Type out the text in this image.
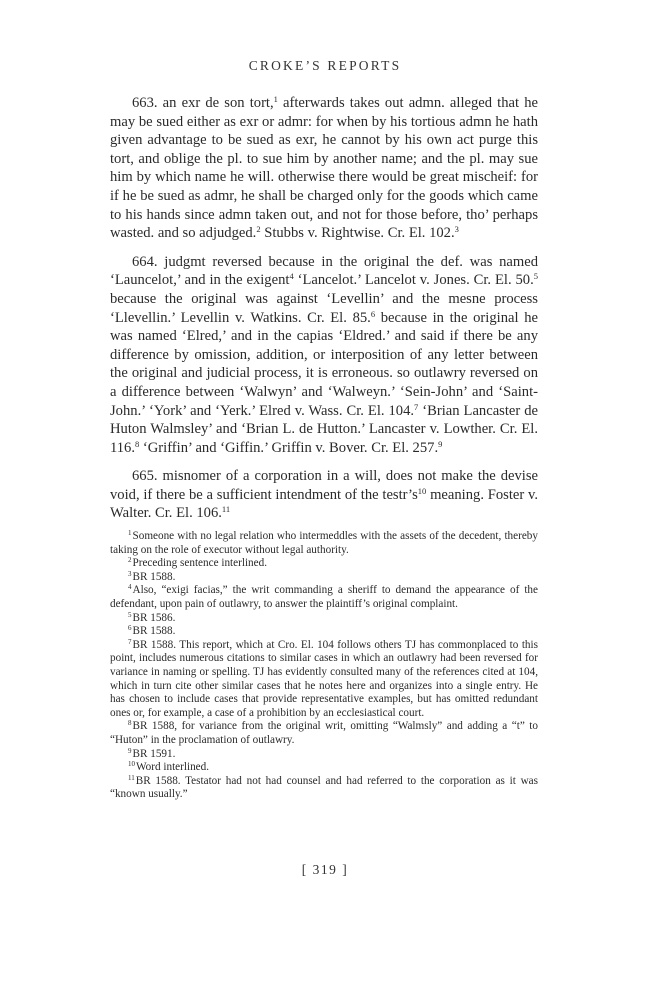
CROKE’S REPORTS

663. an exr de son tort,$^1$ afterwards takes out admn. alleged that he may be sued either as exr or admr: for when by his tortious admn he hath given advantage to be sued as exr, he cannot by his own act purge this tort, and oblige the pl. to sue him by another name; and the pl. may sue him by which name he will. otherwise there would be great mischeif: for if he be sued as admr, he shall be charged only for the goods which came to his hands since admn taken out, and not for those before, tho’ perhaps wasted. and so adjudged.$^2$ Stubbs v. Rightwise. Cr. El. 102.$^3$

664. judgmt reversed because in the original the def. was named ‘Launcelot,’ and in the exigent$^4$ ‘Lancelot.’ Lancelot v. Jones. Cr. El. 50.$^5$ because the original was against ‘Levellin’ and the mesne process ‘Llevellin.’ Levellin v. Watkins. Cr. El. 85.$^6$ because in the original he was named ‘Elred,’ and in the capias ‘Eldred.’ and said if there be any difference by omission, addition, or interposition of any letter between the original and judicial process, it is erroneous. so outlawry reversed on a difference between ‘Walwyn’ and ‘Walweyn.’ ‘Sein-John’ and ‘Saint-John.’ ‘York’ and ‘Yerk.’ Elred v. Wass. Cr. El. 104.$^7$ ‘Brian Lancaster de Huton Walmsley’ and ‘Brian L. de Hutton.’ Lancaster v. Lowther. Cr. El. 116.$^8$ ‘Griffin’ and ‘Giffin.’ Griffin v. Bover. Cr. El. 257.$^9$

665. misnomer of a corporation in a will, does not make the devise void, if there be a sufficient intendment of the $testr’s^{10}$ meaning. Foster v. Walter. Cr. El. 106.11

$^1$Someone with no legal relation who intermeddles with the assets of the decedent, thereby taking on the role of executor without legal authority.

$^2$Preceding sentence interlined.

$^3$BR 1588.

$^4$Also, “exigi facias,” the writ commanding a sheriff to demand the appearance of the defendant, upon pain of outlawry, to answer the plaintiff’s original complaint.

$^5$BR 1586.

$^6$BR 1588.

$^7$BR 1588. This report, which at Cro. El. 104 follows others TJ has commonplaced to this point, includes numerous citations to similar cases in which an outlawry had been reversed for variance in naming or spelling. TJ has evidently consulted many of the references cited at 104, which in turn cite other similar cases that he notes here and organizes into a single entry. He has chosen to include cases that provide representative examples, but has omitted redundant ones or, for example, a case of a prohibition by an ecclesiastical court.

$^8$BR 1588, for variance from the original writ, omitting “Walmsly” and adding a “t” to “Huton” in the proclamation of outlawry.

$^9$BR 1591.

$^{10}$Word interlined.

$^{11}$BR 1588. Testator had not had counsel and had referred to the corporation as it was “known usually.”

[ 319 ]
